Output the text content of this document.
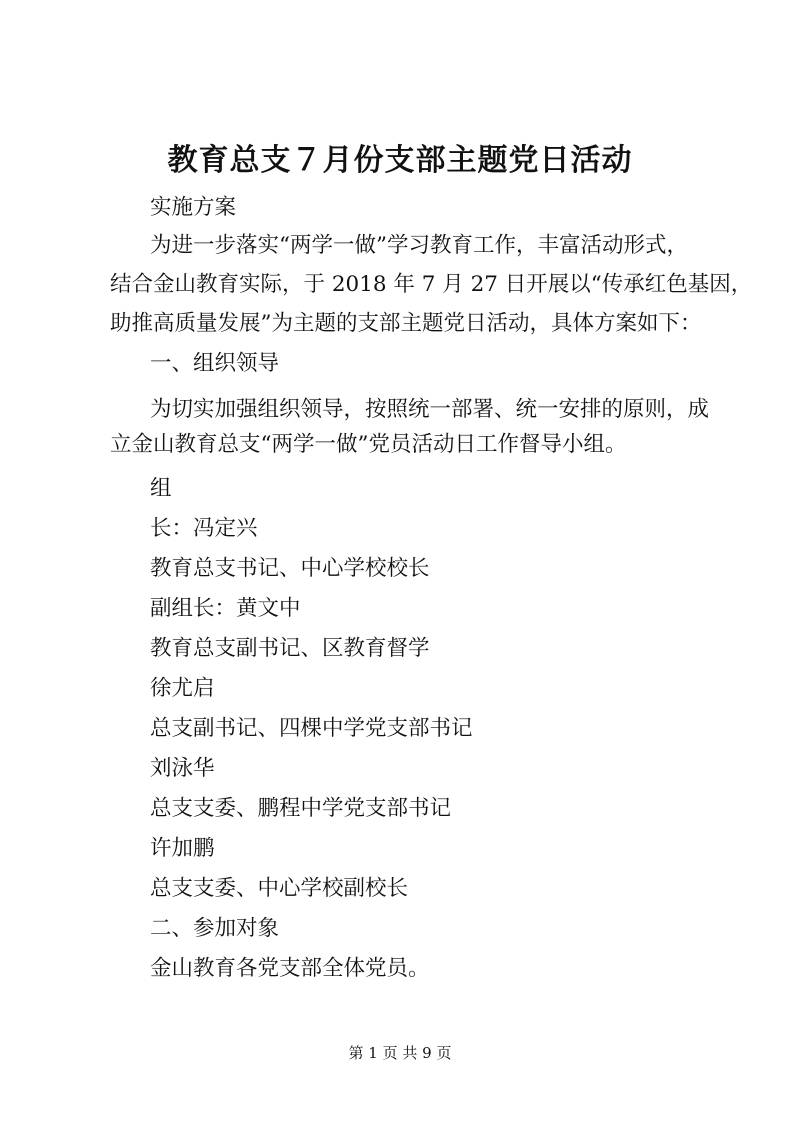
教育总支７月份支部主题党日活动
实施方案
为进一步落实“两学一做”学习教育工作，丰富活动形式，
结合金山教育实际，于 2018 年 7 月 27 日开展以“传承红色基因，
助推高质量发展”为主题的支部主题党日活动，具体方案如下：
一、组织领导
为切实加强组织领导，按照统一部署、统一安排的原则，成
立金山教育总支“两学一做”党员活动日工作督导小组。
组
长：冯定兴
教育总支书记、中心学校校长
副组长：黄文中
教育总支副书记、区教育督学
徐尤启
总支副书记、四棵中学党支部书记
刘泳华
总支支委、鹏程中学党支部书记
许加鹏
总支支委、中心学校副校长
二、参加对象
金山教育各党支部全体党员。
第 1 页 共 9 页
